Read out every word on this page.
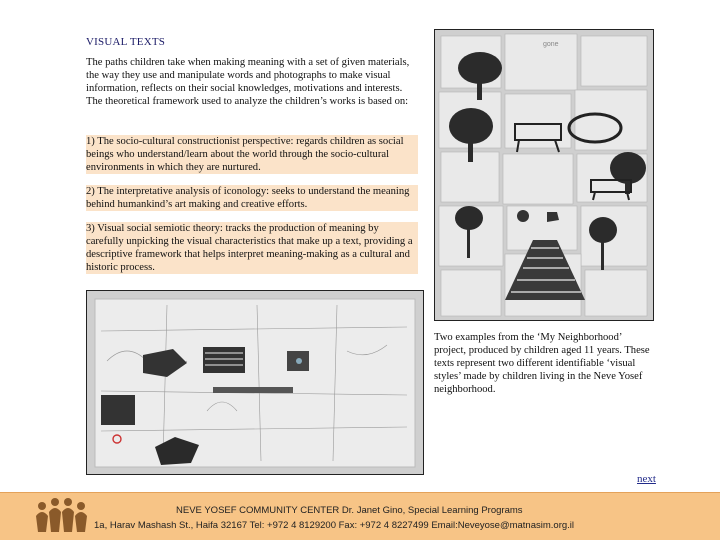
VISUAL TEXTS
The paths children take when making meaning with a set of given materials, the way they use and manipulate words and photographs to make visual information, reflects on their social knowledges, motivations and interests. The theoretical framework used to analyze the children’s works is based on:
1) The socio-cultural constructionist perspective: regards children as social beings who understand/learn about the world through the socio-cultural environments in which they are nurtured.
2) The interpretative analysis of iconology: seeks to understand the meaning behind humankind’s art making and creative efforts.
3) Visual social semiotic theory: tracks the production of meaning by carefully unpicking the visual characteristics that make up a text, providing a descriptive framework that helps interpret meaning-making as a cultural and historic process.
gone
Two examples from the ‘My Neighborhood’ project, produced by children aged 11 years. These texts represent two different identifiable ‘visual styles’ made by children living in the Neve Yosef neighborhood.
next
NEVE YOSEF COMMUNITY CENTER Dr. Janet Gino, Special Learning Programs
1a, Harav Mashash St., Haifa 32167 Tel: +972 4 8129200 Fax: +972 4 8227499 Email:Neveyose@matnasim.org.il
